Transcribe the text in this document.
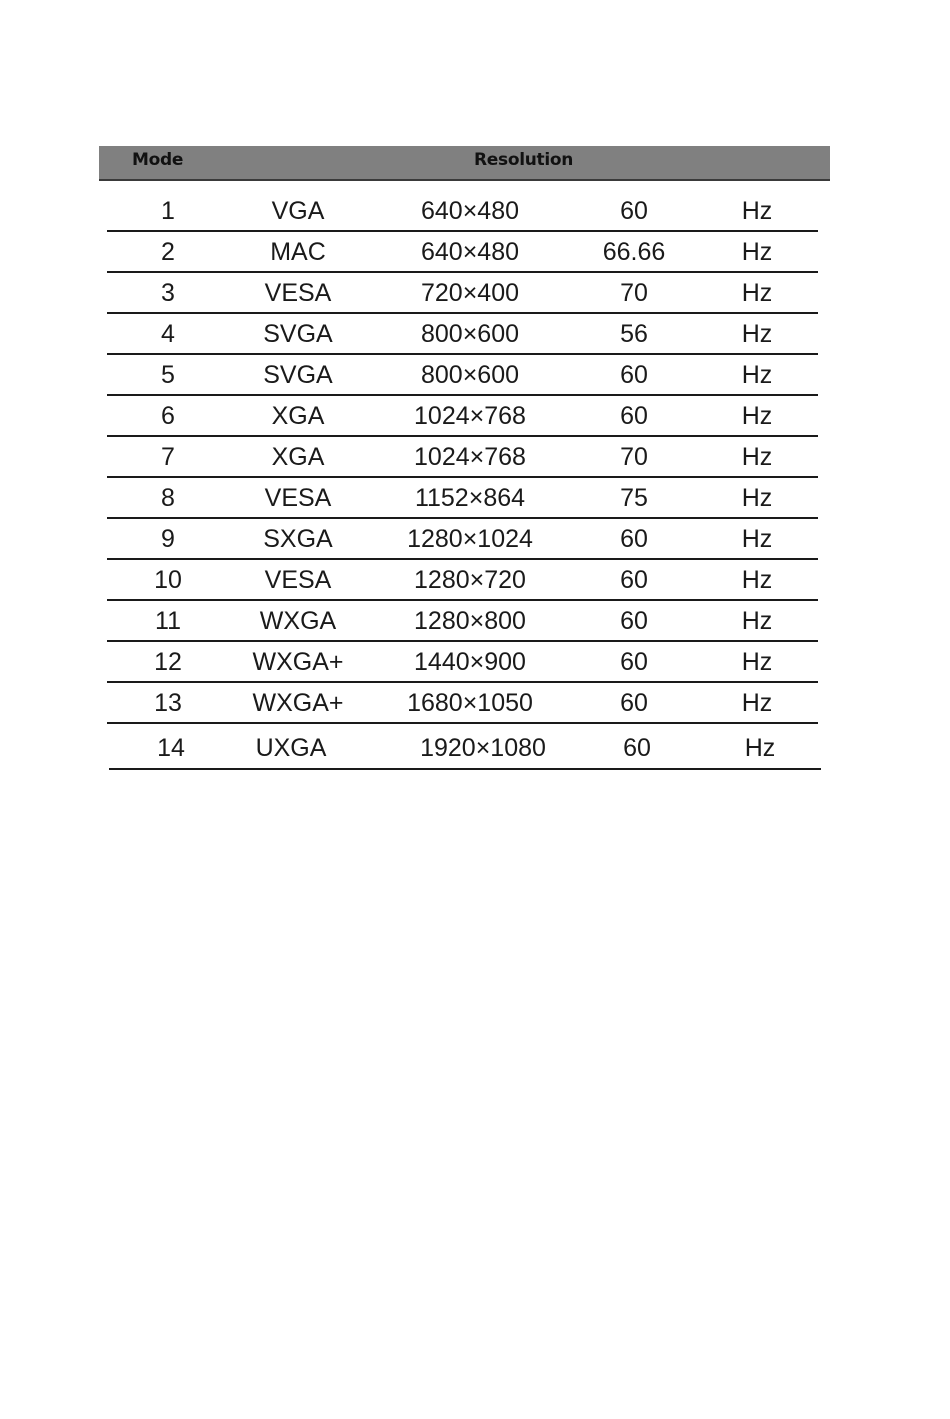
Mode	Resolution
1	VGA	640×480	60	Hz
2	MAC	640×480	66.66	Hz
3	VESA	720×400	70	Hz
4	SVGA	800×600	56	Hz
5	SVGA	800×600	60	Hz
6	XGA	1024×768	60	Hz
7	XGA	1024×768	70	Hz
8	VESA	1152×864	75	Hz
9	SXGA	1280×1024	60	Hz
10	VESA	1280×720	60	Hz
11	WXGA	1280×800	60	Hz
12	WXGA+	1440×900	60	Hz
13	WXGA+	1680×1050	60	Hz
14	UXGA	1920×1080	60	Hz
